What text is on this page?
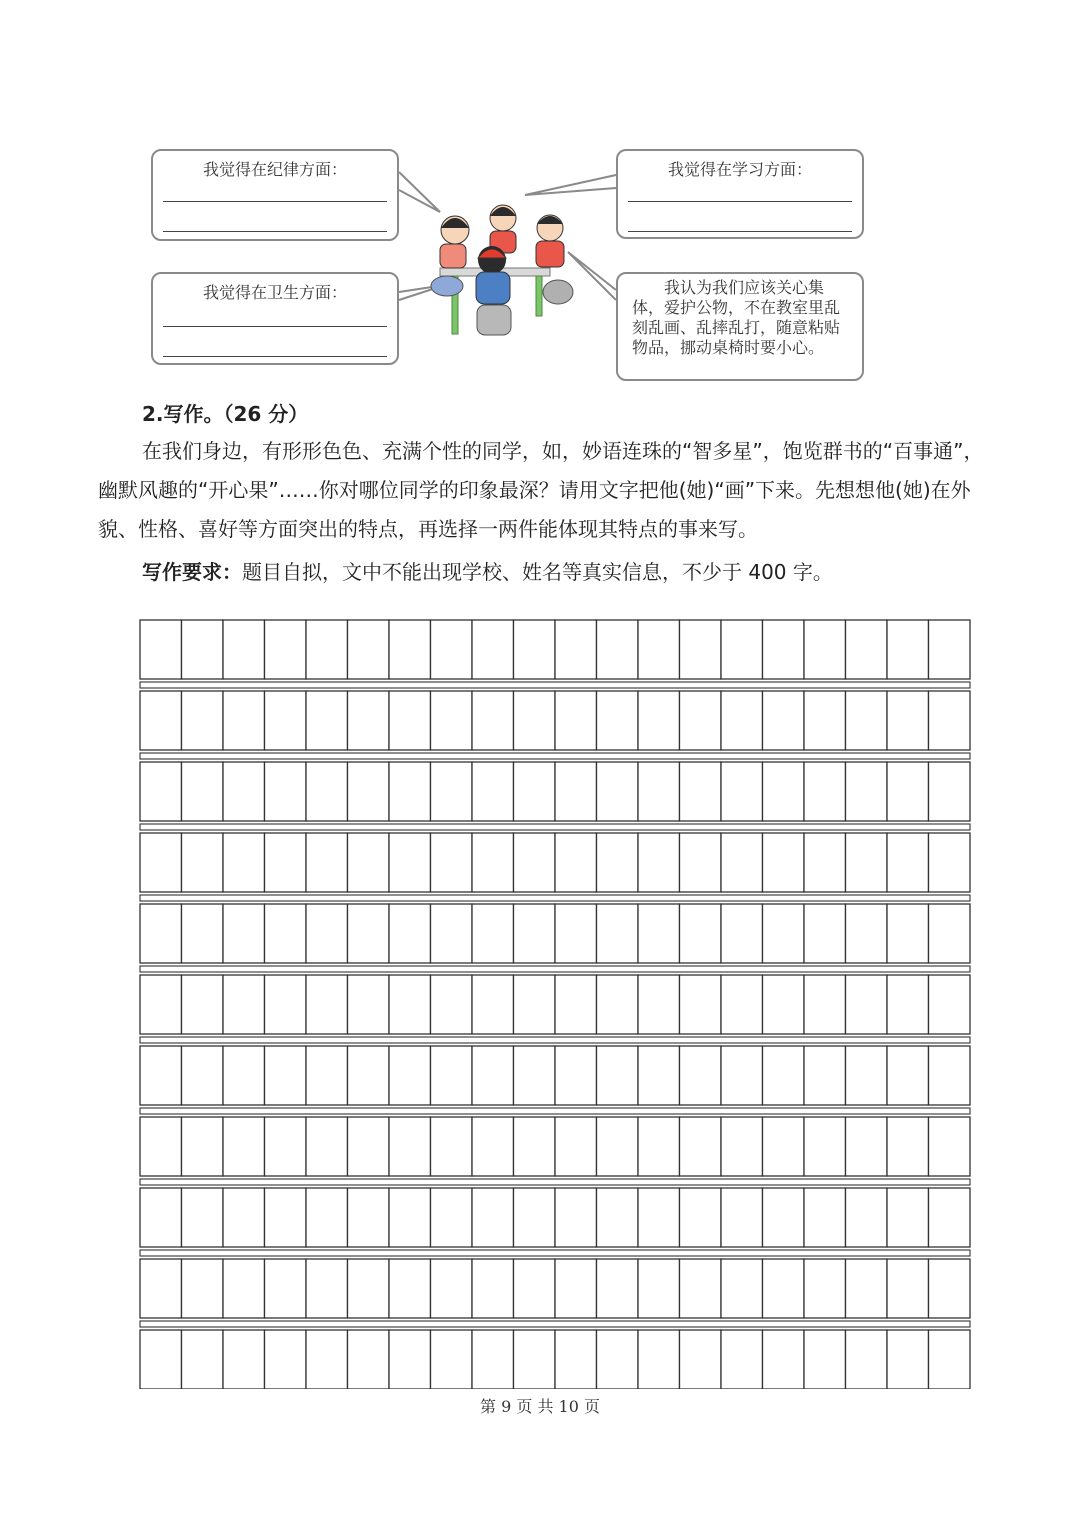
我觉得在纪律方面：	我觉得在学习方面：
我觉得在卫生方面：	我认为我们应该关心集体，爱护公物，不在教室里乱刻乱画、乱摔乱打，随意粘贴物品，挪动桌椅时要小心。
2.写作。（26 分）
在我们身边，有形形色色、充满个性的同学，如，妙语连珠的“智多星”，饱览群书的“百事通”，幽默风趣的“开心果”……你对哪位同学的印象最深？请用文字把他(她)“画”下来。先想想他(她)在外貌、性格、喜好等方面突出的特点，再选择一两件能体现其特点的事来写。
写作要求：题目自拟，文中不能出现学校、姓名等真实信息，不少于 400 字。
第 9 页 共 10 页
